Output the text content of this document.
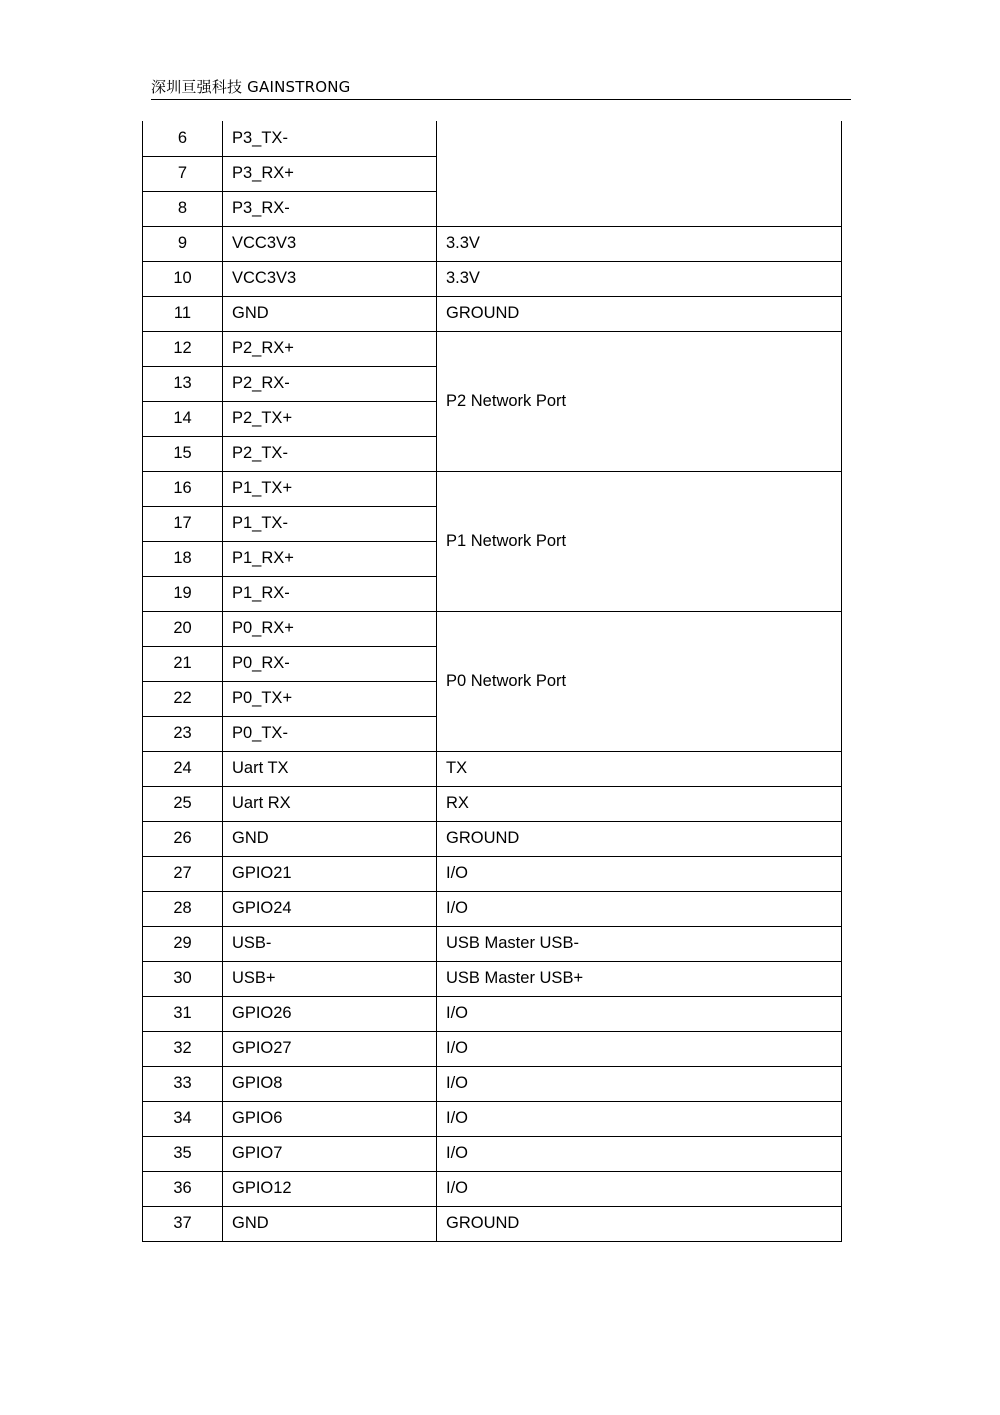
深圳亘强科技 GAINSTRONG
6	P3_TX-	
7	P3_RX+	
8	P3_RX-	
9	VCC3V3	3.3V
10	VCC3V3	3.3V
11	GND	GROUND
12	P2_RX+	P2 Network Port
13	P2_RX-	
14	P2_TX+	
15	P2_TX-	
16	P1_TX+	P1 Network Port
17	P1_TX-	
18	P1_RX+	
19	P1_RX-	
20	P0_RX+	P0 Network Port
21	P0_RX-	
22	P0_TX+	
23	P0_TX-	
24	Uart TX	TX
25	Uart RX	RX
26	GND	GROUND
27	GPIO21	I/O
28	GPIO24	I/O
29	USB-	USB Master USB-
30	USB+	USB Master USB+
31	GPIO26	I/O
32	GPIO27	I/O
33	GPIO8	I/O
34	GPIO6	I/O
35	GPIO7	I/O
36	GPIO12	I/O
37	GND	GROUND
